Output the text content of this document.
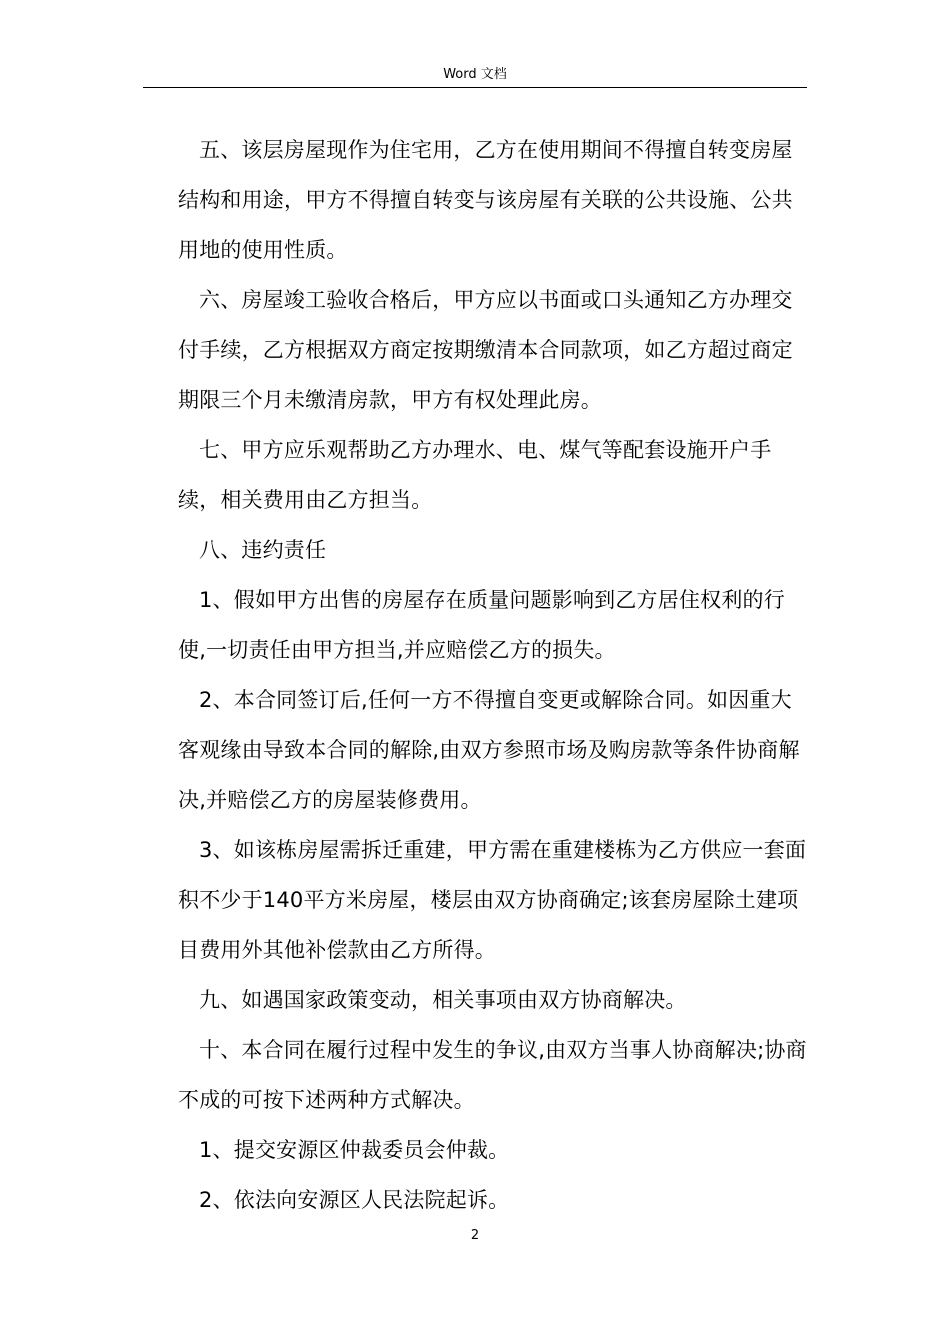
Word 文档

五、该层房屋现作为住宅用，乙方在使用期间不得擅自转变房屋结构和用途，甲方不得擅自转变与该房屋有关联的公共设施、公共用地的使用性质。

六、房屋竣工验收合格后，甲方应以书面或口头通知乙方办理交付手续，乙方根据双方商定按期缴清本合同款项，如乙方超过商定期限三个月未缴清房款，甲方有权处理此房。

七、甲方应乐观帮助乙方办理水、电、煤气等配套设施开户手续，相关费用由乙方担当。

八、违约责任

1、假如甲方出售的房屋存在质量问题影响到乙方居住权利的行使,一切责任由甲方担当,并应赔偿乙方的损失。

2、本合同签订后,任何一方不得擅自变更或解除合同。如因重大客观缘由导致本合同的解除,由双方参照市场及购房款等条件协商解决,并赔偿乙方的房屋装修费用。

3、如该栋房屋需拆迁重建，甲方需在重建楼栋为乙方供应一套面积不少于140平方米房屋，楼层由双方协商确定;该套房屋除土建项目费用外其他补偿款由乙方所得。

九、如遇国家政策变动，相关事项由双方协商解决。

十、本合同在履行过程中发生的争议,由双方当事人协商解决;协商不成的可按下述两种方式解决。

1、提交安源区仲裁委员会仲裁。

2、依法向安源区人民法院起诉。

2
